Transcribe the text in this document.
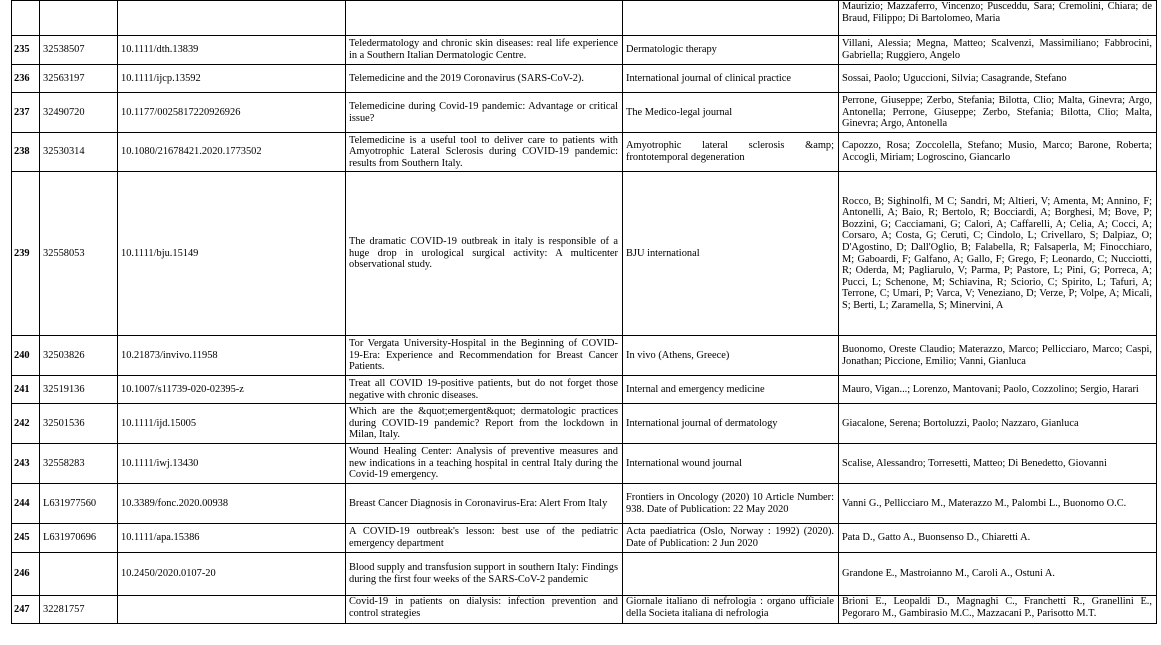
					Maurizio; Mazzaferro, Vincenzo; Pusceddu, Sara; Cremolini, Chiara; de Braud, Filippo; Di Bartolomeo, Maria
235	32538507	10.1111/dth.13839	Teledermatology and chronic skin diseases: real life experience in a Southern Italian Dermatologic Centre.	Dermatologic therapy	Villani, Alessia; Megna, Matteo; Scalvenzi, Massimiliano; Fabbrocini, Gabriella; Ruggiero, Angelo
236	32563197	10.1111/ijcp.13592	Telemedicine and the 2019 Coronavirus (SARS-CoV-2).	International journal of clinical practice	Sossai, Paolo; Uguccioni, Silvia; Casagrande, Stefano
237	32490720	10.1177/0025817220926926	Telemedicine during Covid-19 pandemic: Advantage or critical issue?	The Medico-legal journal	Perrone, Giuseppe; Zerbo, Stefania; Bilotta, Clio; Malta, Ginevra; Argo, Antonella; Perrone, Giuseppe; Zerbo, Stefania; Bilotta, Clio; Malta, Ginevra; Argo, Antonella
238	32530314	10.1080/21678421.2020.1773502	Telemedicine is a useful tool to deliver care to patients with Amyotrophic Lateral Sclerosis during COVID-19 pandemic: results from Southern Italy.	Amyotrophic lateral sclerosis &amp; frontotemporal degeneration	Capozzo, Rosa; Zoccolella, Stefano; Musio, Marco; Barone, Roberta; Accogli, Miriam; Logroscino, Giancarlo
239	32558053	10.1111/bju.15149	The dramatic COVID-19 outbreak in italy is responsible of a huge drop in urological surgical activity: A multicenter observational study.	BJU international	Rocco, B; Sighinolfi, M C; Sandri, M; Altieri, V; Amenta, M; Annino, F; Antonelli, A; Baio, R; Bertolo, R; Bocciardi, A; Borghesi, M; Bove, P; Bozzini, G; Cacciamani, G; Calori, A; Caffarelli, A; Celia, A; Cocci, A; Corsaro, A; Costa, G; Ceruti, C; Cindolo, L; Crivellaro, S; Dalpiaz, O; D'Agostino, D; Dall'Oglio, B; Falabella, R; Falsaperla, M; Finocchiaro, M; Gaboardi, F; Galfano, A; Gallo, F; Grego, F; Leonardo, C; Nucciotti, R; Oderda, M; Pagliarulo, V; Parma, P; Pastore, L; Pini, G; Porreca, A; Pucci, L; Schenone, M; Schiavina, R; Sciorio, C; Spirito, L; Tafuri, A; Terrone, C; Umari, P; Varca, V; Veneziano, D; Verze, P; Volpe, A; Micali, S; Berti, L; Zaramella, S; Minervini, A
240	32503826	10.21873/invivo.11958	Tor Vergata University-Hospital in the Beginning of COVID-19-Era: Experience and Recommendation for Breast Cancer Patients.	In vivo (Athens, Greece)	Buonomo, Oreste Claudio; Materazzo, Marco; Pellicciaro, Marco; Caspi, Jonathan; Piccione, Emilio; Vanni, Gianluca
241	32519136	10.1007/s11739-020-02395-z	Treat all COVID 19-positive patients, but do not forget those negative with chronic diseases.	Internal and emergency medicine	Mauro, Vigan...; Lorenzo, Mantovani; Paolo, Cozzolino; Sergio, Harari
242	32501536	10.1111/ijd.15005	Which are the &quot;emergent&quot; dermatologic practices during COVID-19 pandemic? Report from the lockdown in Milan, Italy.	International journal of dermatology	Giacalone, Serena; Bortoluzzi, Paolo; Nazzaro, Gianluca
243	32558283	10.1111/iwj.13430	Wound Healing Center: Analysis of preventive measures and new indications in a teaching hospital in central Italy during the Covid-19 emergency.	International wound journal	Scalise, Alessandro; Torresetti, Matteo; Di Benedetto, Giovanni
244	L631977560	10.3389/fonc.2020.00938	Breast Cancer Diagnosis in Coronavirus-Era: Alert From Italy	Frontiers in Oncology (2020) 10 Article Number: 938. Date of Publication: 22 May 2020	Vanni G., Pellicciaro M., Materazzo M., Palombi L., Buonomo O.C.
245	L631970696	10.1111/apa.15386	A COVID-19 outbreak's lesson: best use of the pediatric emergency department	Acta paediatrica (Oslo, Norway : 1992) (2020). Date of Publication: 2 Jun 2020	Pata D., Gatto A., Buonsenso D., Chiaretti A.
246		10.2450/2020.0107-20	Blood supply and transfusion support in southern Italy: Findings during the first four weeks of the SARS-CoV-2 pandemic		Grandone E., Mastroianno M., Caroli A., Ostuni A.
247	32281757		Covid-19 in patients on dialysis: infection prevention and control strategies	Giornale italiano di nefrologia : organo ufficiale della Societa italiana di nefrologia	Brioni E., Leopaldi D., Magnaghi C., Franchetti R., Granellini E., Pegoraro M., Gambirasio M.C., Mazzacani P., Parisotto M.T.
